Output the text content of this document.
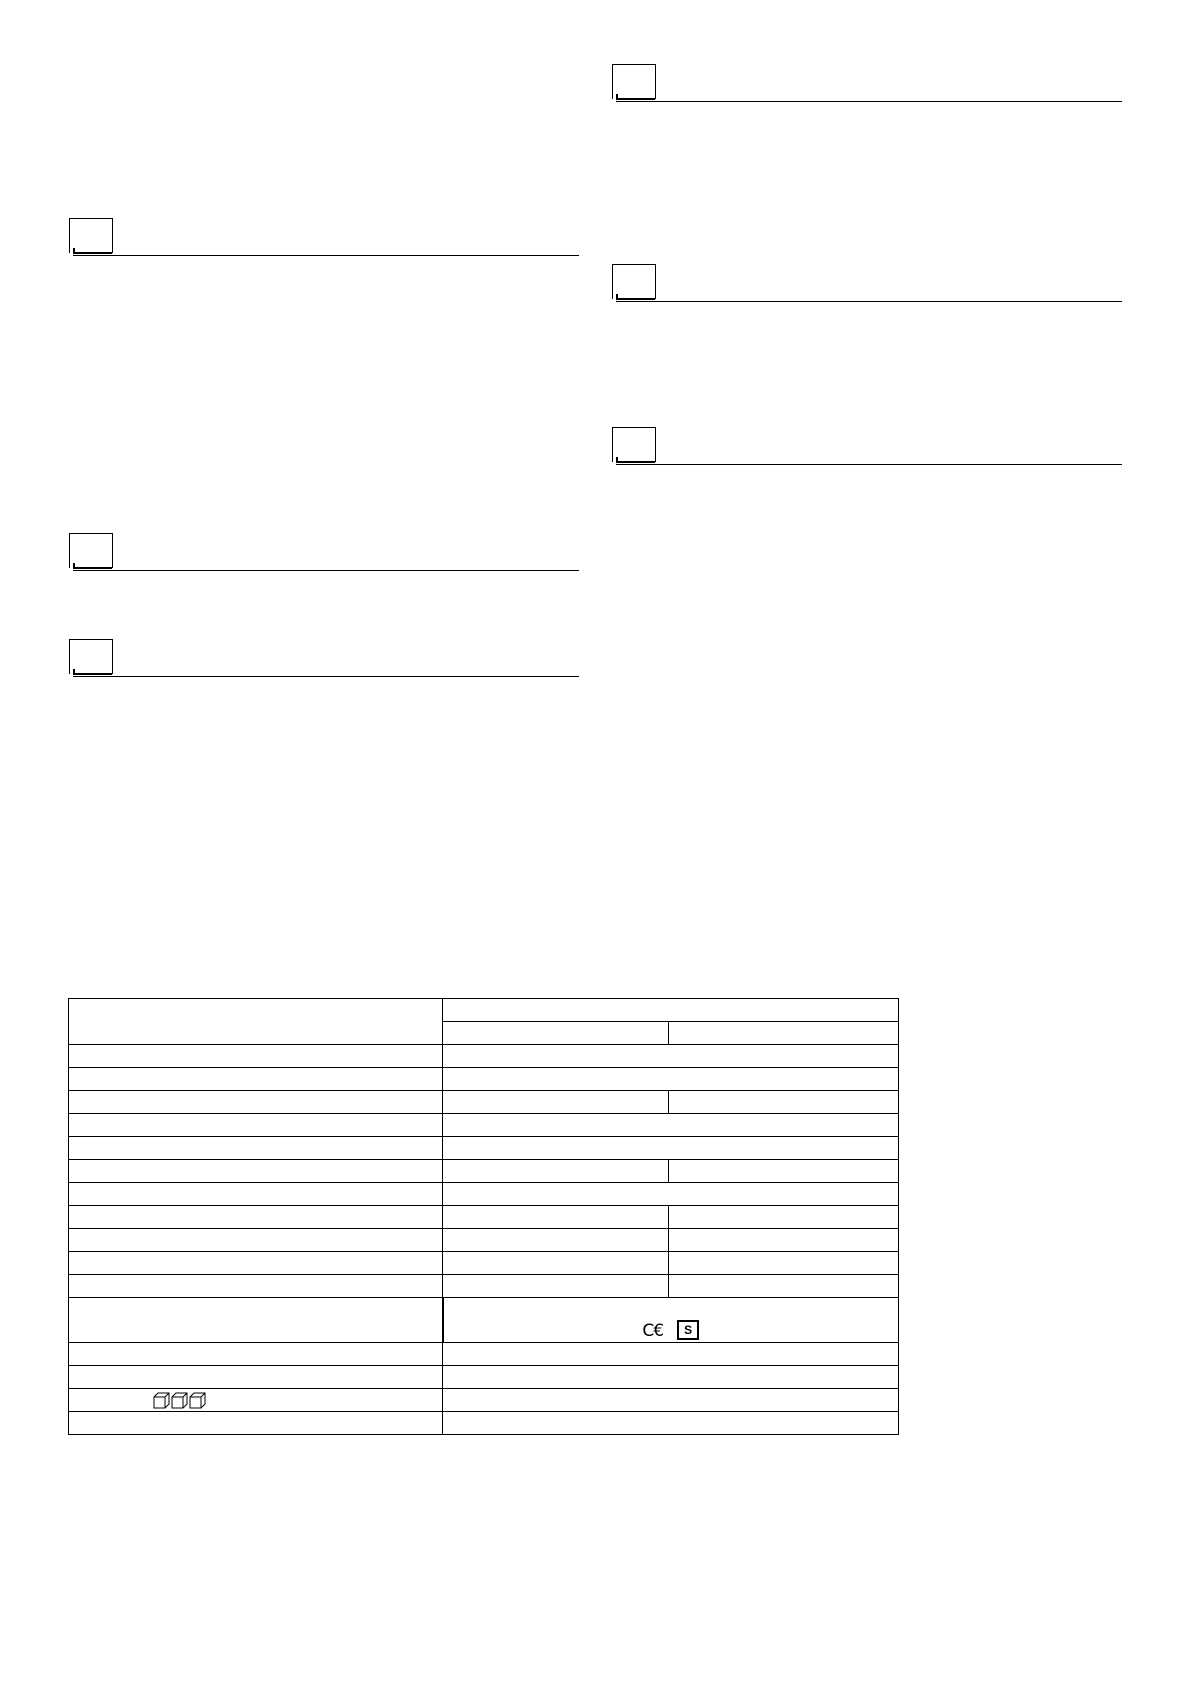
	C€ S	
